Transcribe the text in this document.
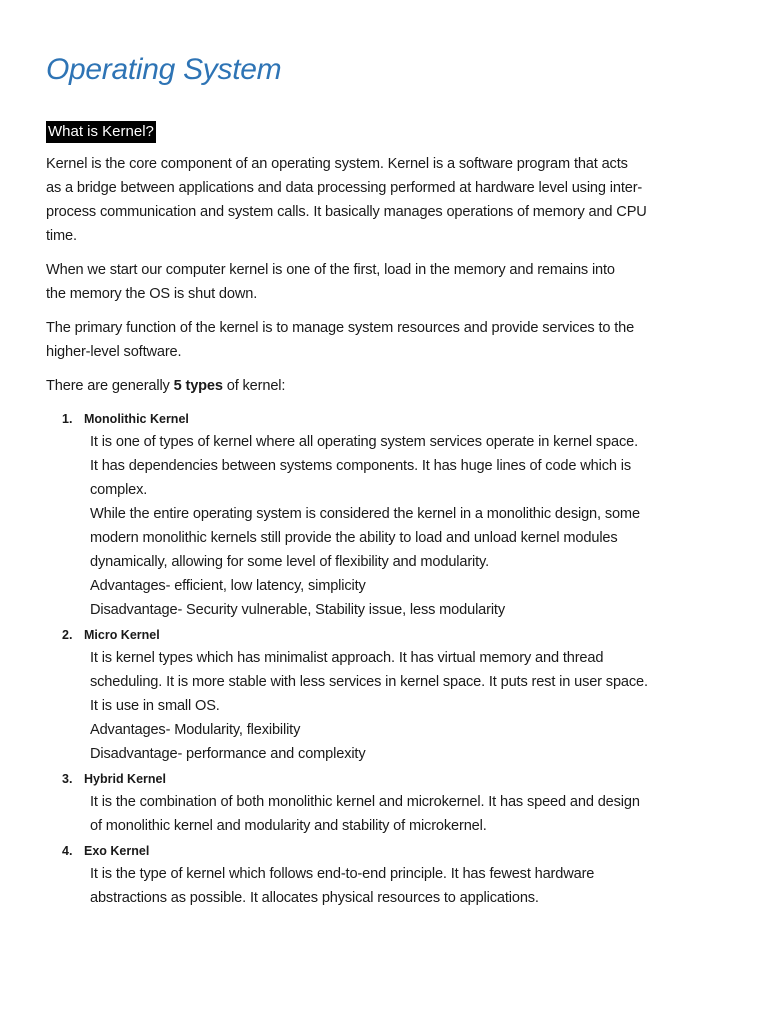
Operating System
What is Kernel?

Kernel is the core component of an operating system. Kernel is a software program that acts
as a bridge between applications and data processing performed at hardware level using inter-
process communication and system calls. It basically manages operations of memory and CPU
time.

When we start our computer kernel is one of the first, load in the memory and remains into
the memory the OS is shut down.

The primary function of the kernel is to manage system resources and provide services to the
higher-level software.

There are generally 5 types of kernel:

1. Monolithic Kernel
It is one of types of kernel where all operating system services operate in kernel space.
It has dependencies between systems components. It has huge lines of code which is
complex.
While the entire operating system is considered the kernel in a monolithic design, some
modern monolithic kernels still provide the ability to load and unload kernel modules
dynamically, allowing for some level of flexibility and modularity.
Advantages- efficient, low latency, simplicity
Disadvantage- Security vulnerable, Stability issue, less modularity
2. Micro Kernel
It is kernel types which has minimalist approach. It has virtual memory and thread
scheduling. It is more stable with less services in kernel space. It puts rest in user space.
It is use in small OS.
Advantages- Modularity, flexibility
Disadvantage- performance and complexity
3. Hybrid Kernel
It is the combination of both monolithic kernel and microkernel. It has speed and design
of monolithic kernel and modularity and stability of microkernel.
4. Exo Kernel
It is the type of kernel which follows end-to-end principle. It has fewest hardware
abstractions as possible. It allocates physical resources to applications.
